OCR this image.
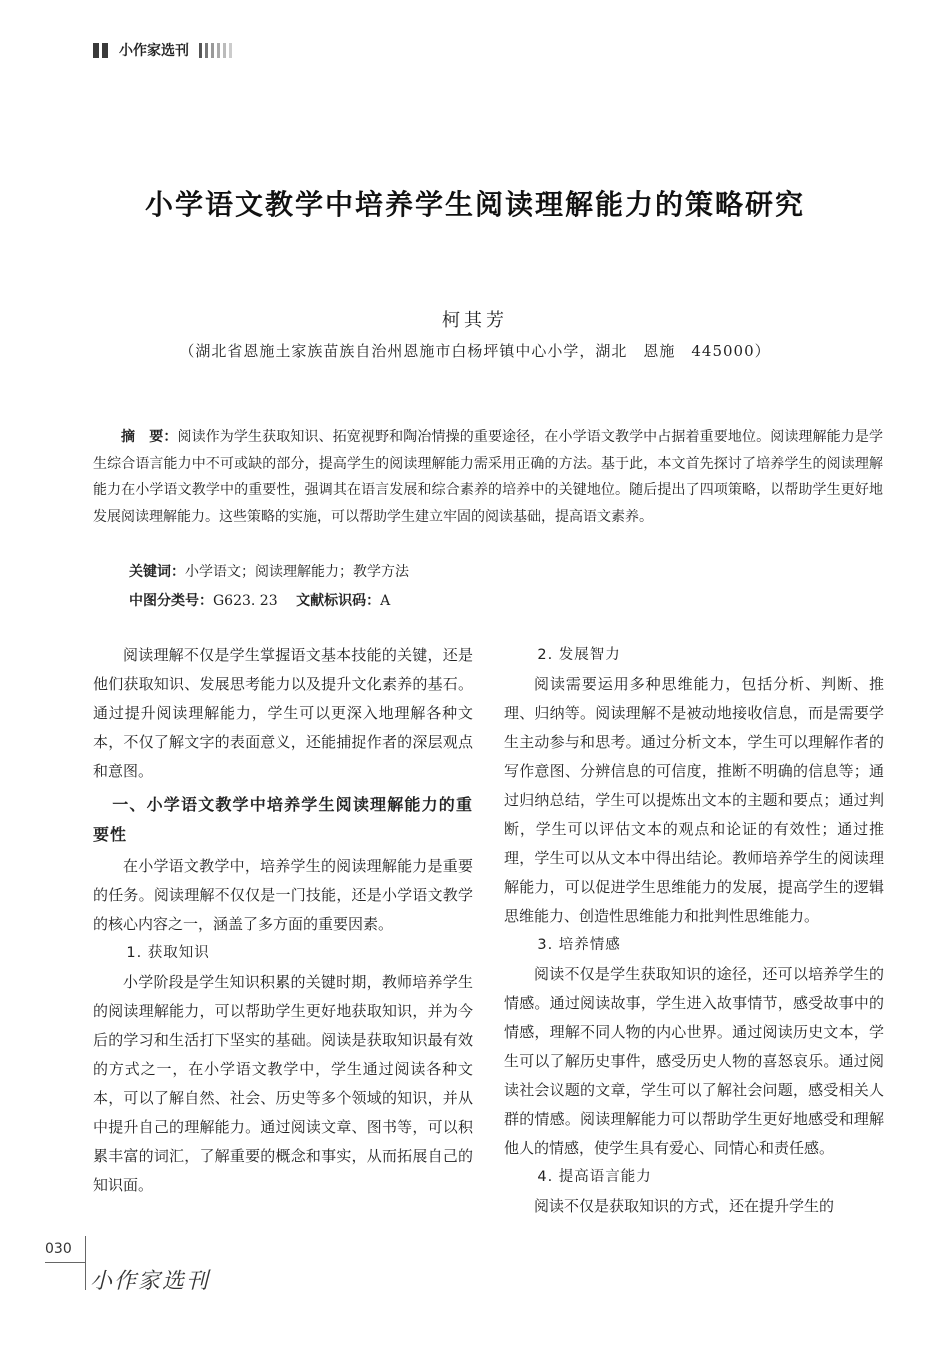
小作家选刊
小学语文教学中培养学生阅读理解能力的策略研究
柯其芳
（湖北省恩施土家族苗族自治州恩施市白杨坪镇中心小学，湖北　恩施　445000）

摘　要：阅读作为学生获取知识、拓宽视野和陶冶情操的重要途径，在小学语文教学中占据着重要地位。阅读理解能力是学生综合语言能力中不可或缺的部分，提高学生的阅读理解能力需采用正确的方法。基于此，本文首先探讨了培养学生的阅读理解能力在小学语文教学中的重要性，强调其在语言发展和综合素养的培养中的关键地位。随后提出了四项策略，以帮助学生更好地发展阅读理解能力。这些策略的实施，可以帮助学生建立牢固的阅读基础，提高语文素养。

关键词：小学语文；阅读理解能力；教学方法
中图分类号：G623. 23 文献标识码：A

阅读理解不仅是学生掌握语文基本技能的关键，还是他们获取知识、发展思考能力以及提升文化素养的基石。通过提升阅读理解能力，学生可以更深入地理解各种文本，不仅了解文字的表面意义，还能捕捉作者的深层观点和意图。

一、小学语文教学中培养学生阅读理解能力的重要性

在小学语文教学中，培养学生的阅读理解能力是重要的任务。阅读理解不仅仅是一门技能，还是小学语文教学的核心内容之一，涵盖了多方面的重要因素。

1. 获取知识

小学阶段是学生知识积累的关键时期，教师培养学生的阅读理解能力，可以帮助学生更好地获取知识，并为今后的学习和生活打下坚实的基础。阅读是获取知识最有效的方式之一，在小学语文教学中，学生通过阅读各种文本，可以了解自然、社会、历史等多个领域的知识，并从中提升自己的理解能力。通过阅读文章、图书等，可以积累丰富的词汇，了解重要的概念和事实，从而拓展自己的知识面。

2. 发展智力

阅读需要运用多种思维能力，包括分析、判断、推理、归纳等。阅读理解不是被动地接收信息，而是需要学生主动参与和思考。通过分析文本，学生可以理解作者的写作意图、分辨信息的可信度，推断不明确的信息等；通过归纳总结，学生可以提炼出文本的主题和要点；通过判断，学生可以评估文本的观点和论证的有效性；通过推理，学生可以从文本中得出结论。教师培养学生的阅读理解能力，可以促进学生思维能力的发展，提高学生的逻辑思维能力、创造性思维能力和批判性思维能力。

3. 培养情感

阅读不仅是学生获取知识的途径，还可以培养学生的情感。通过阅读故事，学生进入故事情节，感受故事中的情感，理解不同人物的内心世界。通过阅读历史文本，学生可以了解历史事件，感受历史人物的喜怒哀乐。通过阅读社会议题的文章，学生可以了解社会问题，感受相关人群的情感。阅读理解能力可以帮助学生更好地感受和理解他人的情感，使学生具有爱心、同情心和责任感。

4. 提高语言能力

阅读不仅是获取知识的方式，还在提升学生的

030
小作家选刊
